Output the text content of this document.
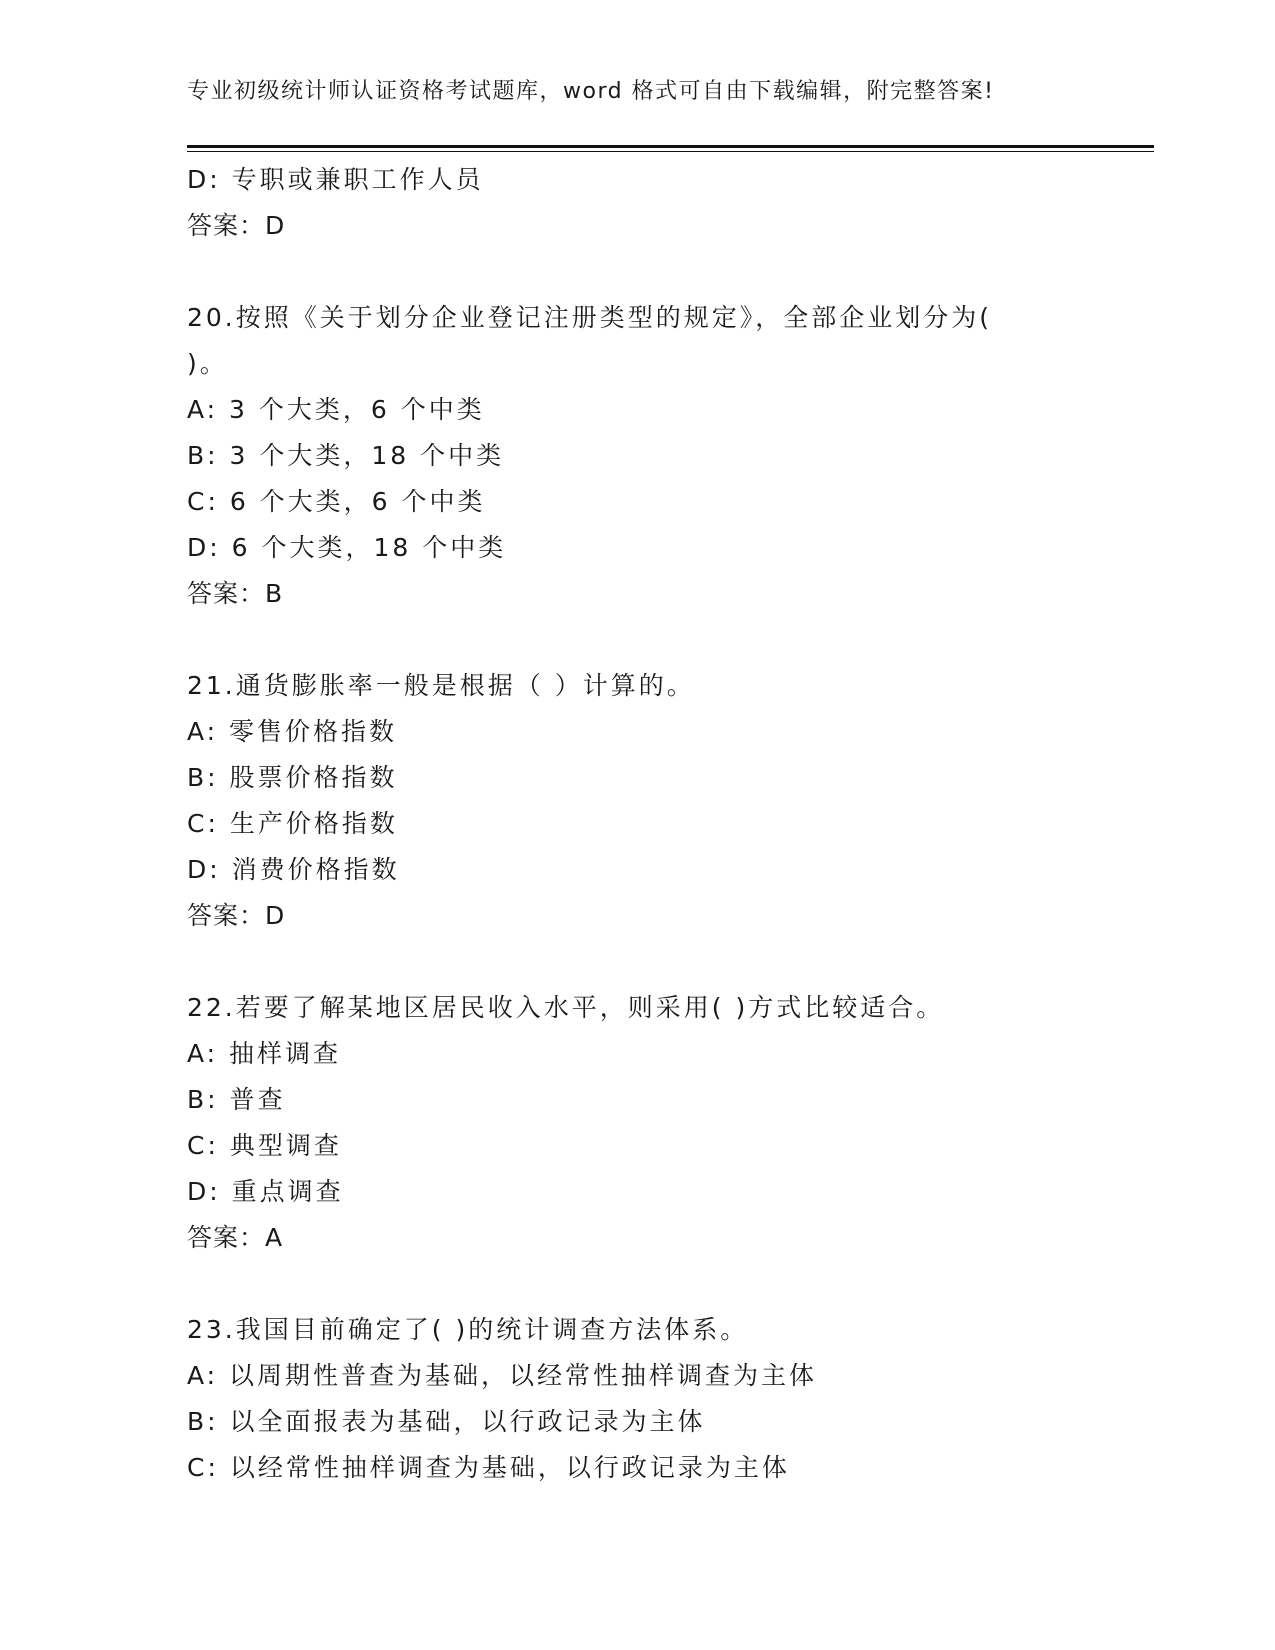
专业初级统计师认证资格考试题库，word 格式可自由下载编辑，附完整答案!
D: 专职或兼职工作人员
答案：D
20.按照《关于划分企业登记注册类型的规定》，全部企业划分为(
)。
A: 3 个大类，6 个中类
B: 3 个大类，18 个中类
C: 6 个大类，6 个中类
D: 6 个大类，18 个中类
答案：B
21.通货膨胀率一般是根据（ ）计算的。
A: 零售价格指数
B: 股票价格指数
C: 生产价格指数
D: 消费价格指数
答案：D
22.若要了解某地区居民收入水平，则采用( )方式比较适合。
A: 抽样调查
B: 普查
C: 典型调查
D: 重点调查
答案：A
23.我国目前确定了( )的统计调查方法体系。
A: 以周期性普查为基础，以经常性抽样调查为主体
B: 以全面报表为基础，以行政记录为主体
C: 以经常性抽样调查为基础，以行政记录为主体
